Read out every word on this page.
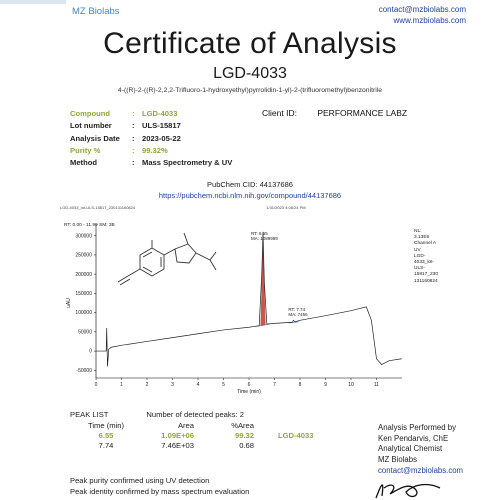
MZ Biolabs	contact@mzbiolabs.com
www.mzbiolabs.com
Certificate of Analysis
LGD-4033
4-((R)-2-((R)-2,2,2-Trifluoro-1-hydroxyethyl)pyrrolidin-1-yl)-2-(trifluoromethyl)benzonitrile
Compound	: LGD-4033
Lot number	: ULS-15817
Analysis Date	: 2023-05-22
Purity %	: 99.32%
Method	: Mass Spectrometry & UV
Client ID: PERFORMANCE LABZ
PubChem CID: 44137686
https://pubchem.ncbi.nlm.nih.gov/compound/44137686
LGD-4033_lot-ULS-15817_230131160824	1/31/2023 4:08:24 PM
RT: 0.00 - 11.99 SM: 3B
NL:
3.13E5
Channel A
UV
LGD-
4033_lot-
ULS-
15817_230
131160824
-50000
0
50000
100000
150000
200000
250000
300000
0	1	2	3	4	5	6	7	8	9	10	11
Time (min)
uAU
RT: 6.55
MA: 1089999
RT: 7.74
MA: 7456
PEAK LIST	Number of detected peaks: 2
Time (min)	Area	%Area
6.55	1.09E+06	99.32	LGD-4033
7.74	7.46E+03	0.68
Analysis Performed by
Ken Pendarvis, ChE
Analytical Chemist
MZ Biolabs
contact@mzbiolabs.com
Peak purity confirmed using UV detection
Peak identity confirmed by mass spectrum evaluation
